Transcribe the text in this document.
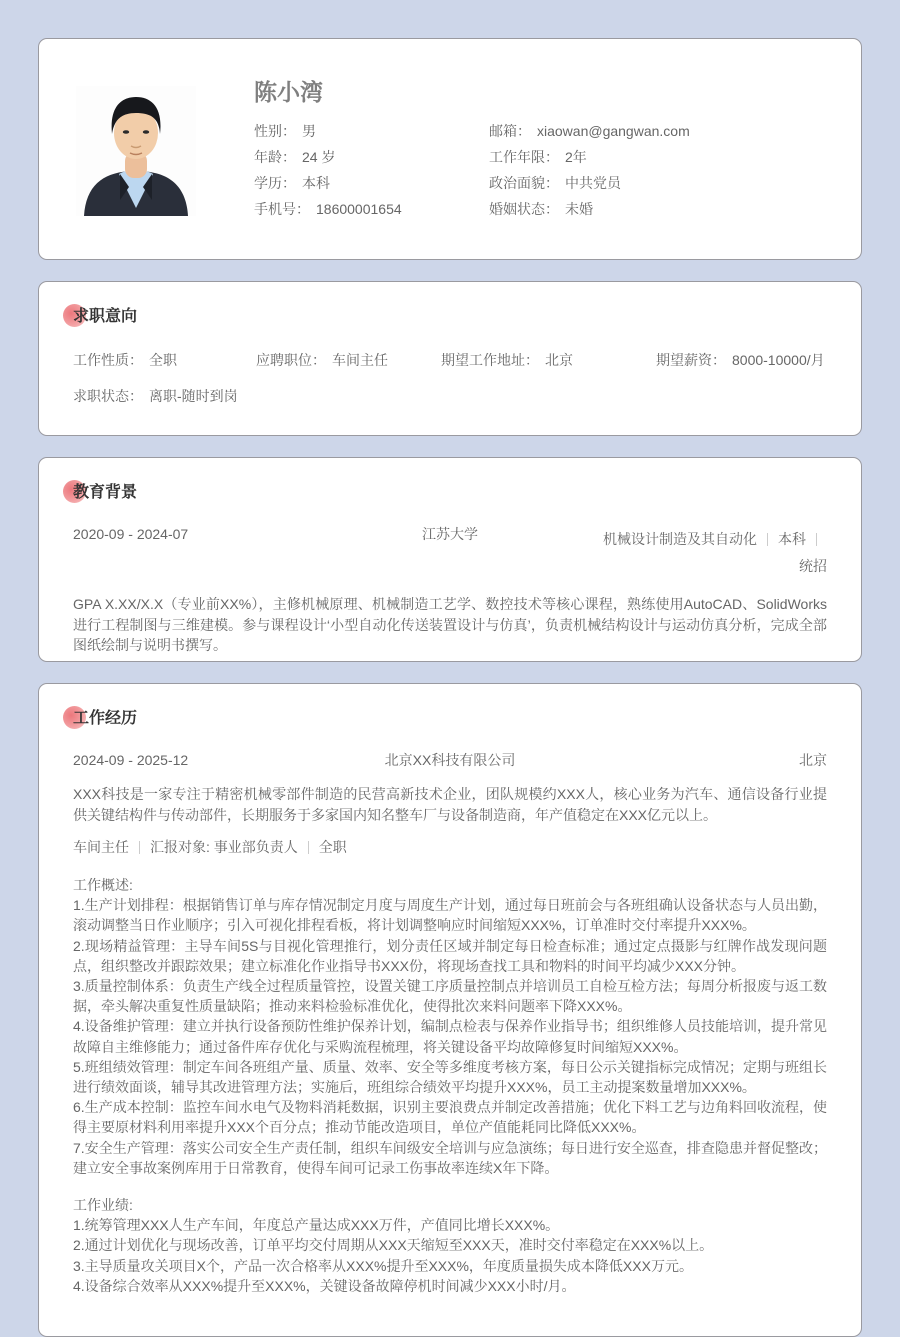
陈小湾
性别： 男	邮箱： xiaowan@gangwan.com
年龄： 24 岁	工作年限： 2年
学历： 本科	政治面貌： 中共党员
手机号： 18600001654	婚姻状态： 未婚
求职意向
工作性质： 全职	应聘职位： 车间主任	期望工作地址： 北京	期望薪资： 8000-10000/月
求职状态： 离职-随时到岗
教育背景
2020-09 - 2024-07	江苏大学	机械设计制造及其自动化 本科统招
GPA X.XX/X.X（专业前XX%），主修机械原理、机械制造工艺学、数控技术等核心课程，熟练使用AutoCAD、SolidWorks进行工程制图与三维建模。参与课程设计‘小型自动化传送装置设计与仿真’，负责机械结构设计与运动仿真分析，完成全部图纸绘制与说明书撰写。
工作经历
2024-09 - 2025-12	北京XX科技有限公司	北京
XXX科技是一家专注于精密机械零部件制造的民营高新技术企业，团队规模约XXX人，核心业务为汽车、通信设备行业提供关键结构件与传动部件，长期服务于多家国内知名整车厂与设备制造商，年产值稳定在XXX亿元以上。
车间主任 汇报对象: 事业部负责人 全职
工作概述:
1.生产计划排程：根据销售订单与库存情况制定月度与周度生产计划，通过每日班前会与各班组确认设备状态与人员出勤，滚动调整当日作业顺序；引入可视化排程看板，将计划调整响应时间缩短XXX%，订单准时交付率提升XXX%。
2.现场精益管理：主导车间5S与目视化管理推行，划分责任区域并制定每日检查标准；通过定点摄影与红牌作战发现问题点，组织整改并跟踪效果；建立标准化作业指导书XXX份，将现场查找工具和物料的时间平均减少XXX分钟。
3.质量控制体系：负责生产线全过程质量管控，设置关键工序质量控制点并培训员工自检互检方法；每周分析报废与返工数据，牵头解决重复性质量缺陷；推动来料检验标准优化，使得批次来料问题率下降XXX%。
4.设备维护管理：建立并执行设备预防性维护保养计划，编制点检表与保养作业指导书；组织维修人员技能培训，提升常见故障自主维修能力；通过备件库存优化与采购流程梳理，将关键设备平均故障修复时间缩短XXX%。
5.班组绩效管理：制定车间各班组产量、质量、效率、安全等多维度考核方案，每日公示关键指标完成情况；定期与班组长进行绩效面谈，辅导其改进管理方法；实施后，班组综合绩效平均提升XXX%，员工主动提案数量增加XXX%。
6.生产成本控制：监控车间水电气及物料消耗数据，识别主要浪费点并制定改善措施；优化下料工艺与边角料回收流程，使得主要原材料利用率提升XXX个百分点；推动节能改造项目，单位产值能耗同比降低XXX%。
7.安全生产管理：落实公司安全生产责任制，组织车间级安全培训与应急演练；每日进行安全巡查，排查隐患并督促整改；建立安全事故案例库用于日常教育，使得车间可记录工伤事故率连续X年下降。
工作业绩:
1.统筹管理XXX人生产车间，年度总产量达成XXX万件，产值同比增长XXX%。
2.通过计划优化与现场改善，订单平均交付周期从XXX天缩短至XXX天，准时交付率稳定在XXX%以上。
3.主导质量攻关项目X个，产品一次合格率从XXX%提升至XXX%，年度质量损失成本降低XXX万元。
4.设备综合效率从XXX%提升至XXX%，关键设备故障停机时间减少XXX小时/月。
